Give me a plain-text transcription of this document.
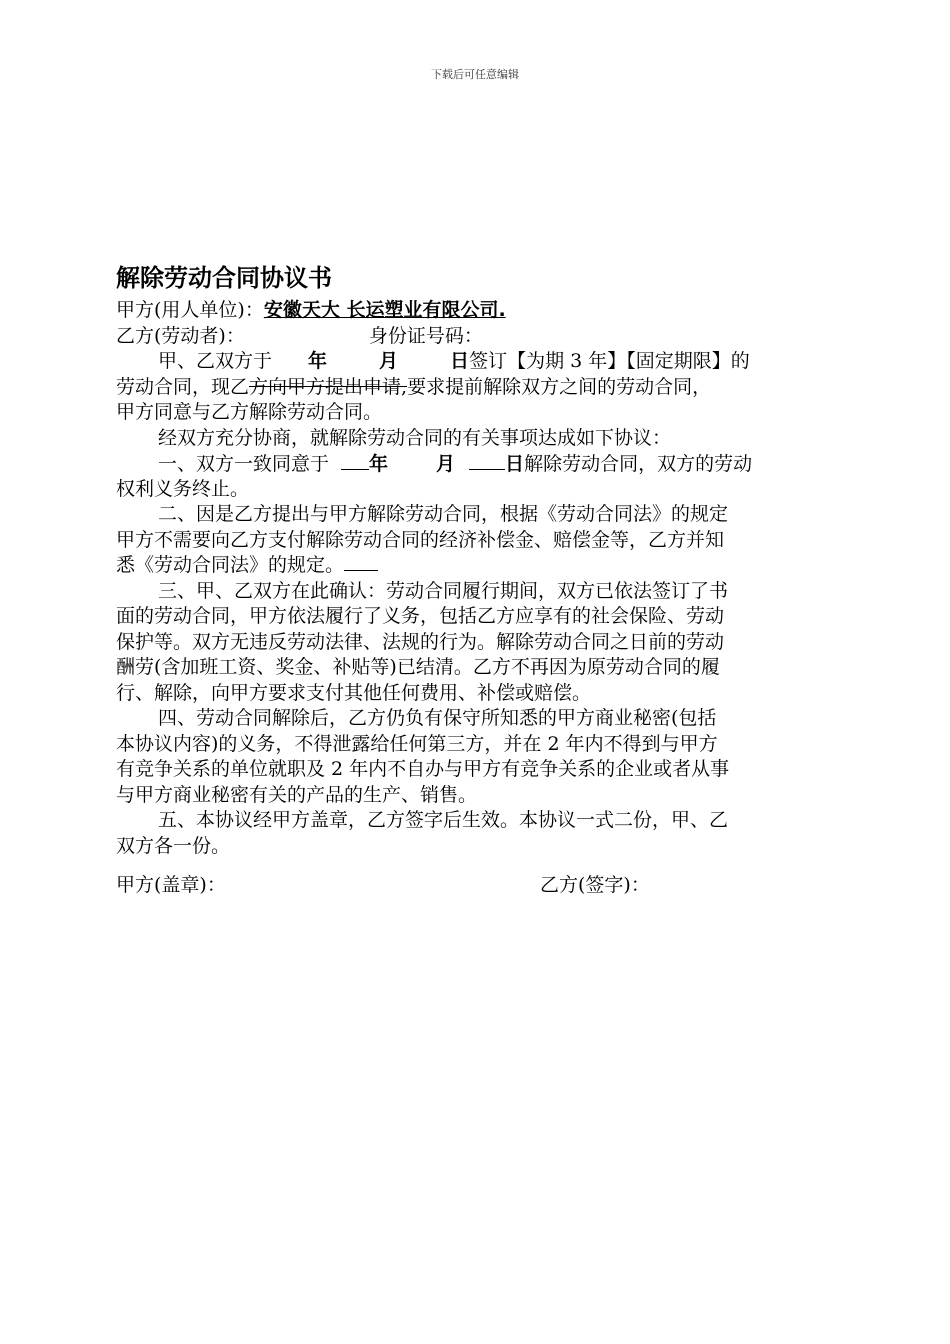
下载后可任意编辑
解除劳动合同协议书
甲方(用人单位)：安徽天大 长运塑业有限公司.
乙方(劳动者)：	身份证号码：
甲、乙双方于 年	月	日签订【为期 3 年】【固定期限】的
劳动合同，现乙方向甲方提出申请,要求提前解除双方之间的劳动合同，
甲方同意与乙方解除劳动合同。
经双方充分协商，就解除劳动合同的有关事项达成如下协议：
一、双方一致同意于 年	月	日解除劳动合同，双方的劳动
权利义务终止。
二、因是乙方提出与甲方解除劳动合同，根据《劳动合同法》的规定
甲方不需要向乙方支付解除劳动合同的经济补偿金、赔偿金等，乙方并知
悉《劳动合同法》的规定。
三、甲、乙双方在此确认：劳动合同履行期间，双方已依法签订了书
面的劳动合同，甲方依法履行了义务，包括乙方应享有的社会保险、劳动
保护等。双方无违反劳动法律、法规的行为。解除劳动合同之日前的劳动
酬劳(含加班工资、奖金、补贴等)已结清。乙方不再因为原劳动合同的履
行、解除，向甲方要求支付其他任何费用、补偿或赔偿。
四、劳动合同解除后，乙方仍负有保守所知悉的甲方商业秘密(包括
本协议内容)的义务，不得泄露给任何第三方，并在 2 年内不得到与甲方
有竞争关系的单位就职及 2 年内不自办与甲方有竞争关系的企业或者从事
与甲方商业秘密有关的产品的生产、销售。
五、本协议经甲方盖章，乙方签字后生效。本协议一式二份，甲、乙
双方各一份。
甲方(盖章)：	乙方(签字)：
